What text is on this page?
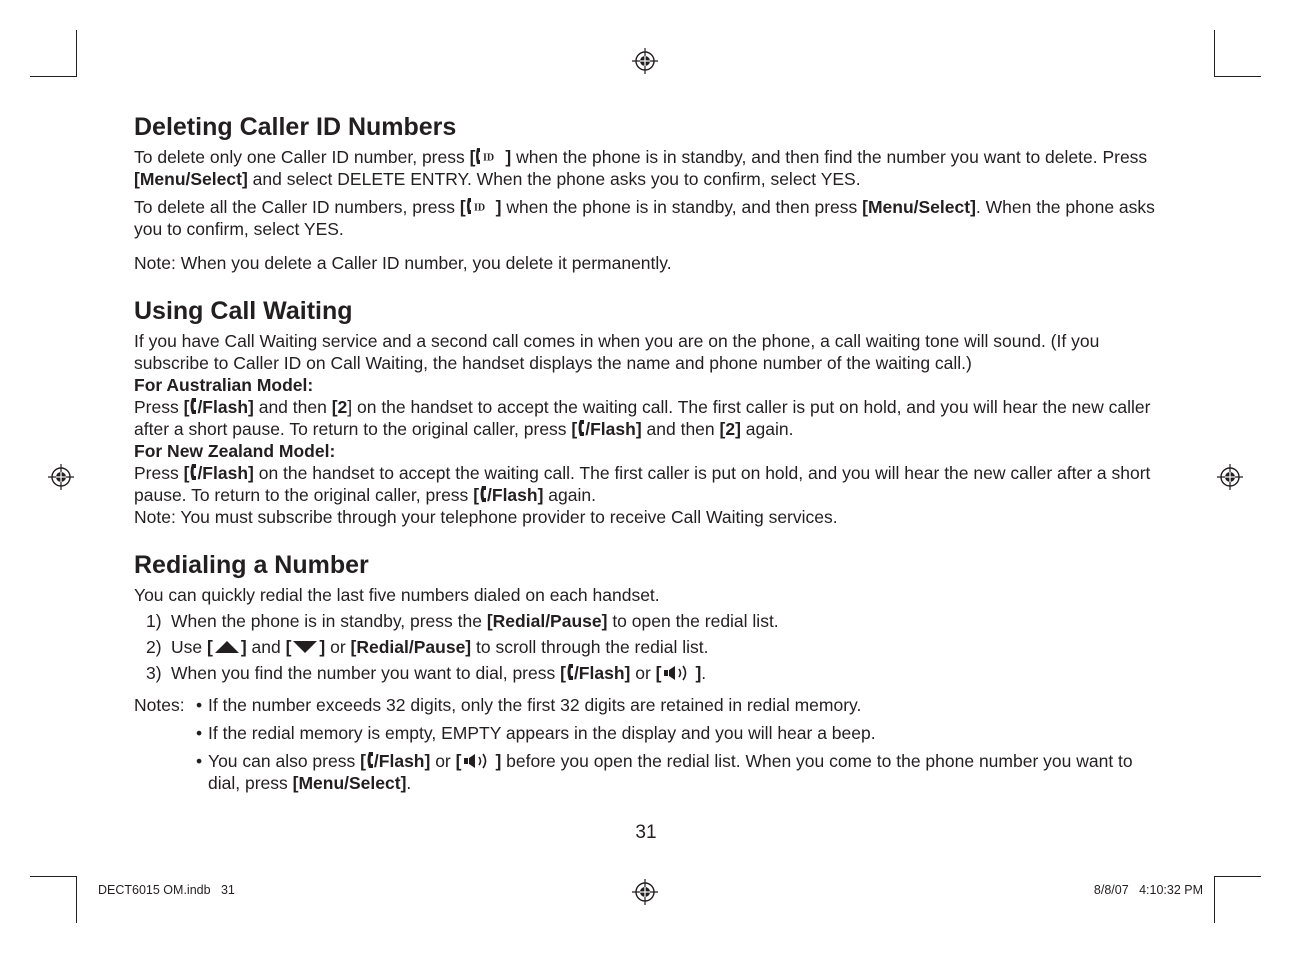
Deleting Caller ID Numbers

To delete only one Caller ID number, press [ ID ] when the phone is in standby, and then find the number you want to delete. Press [Menu/Select] and select DELETE ENTRY. When the phone asks you to confirm, select YES.

To delete all the Caller ID numbers, press [ ID ] when the phone is in standby, and then press [Menu/Select]. When the phone asks you to confirm, select YES.

Note: When you delete a Caller ID number, you delete it permanently.

Using Call Waiting

If you have Call Waiting service and a second call comes in when you are on the phone, a call waiting tone will sound. (If you subscribe to Caller ID on Call Waiting, the handset displays the name and phone number of the waiting call.)

For Australian Model:

Press [ /Flash] and then [2] on the handset to accept the waiting call. The first caller is put on hold, and you will hear the new caller after a short pause. To return to the original caller, press [ /Flash] and then [2] again.

For New Zealand Model:

Press [ /Flash] on the handset to accept the waiting call. The first caller is put on hold, and you will hear the new caller after a short pause. To return to the original caller, press [ /Flash] again.

Note: You must subscribe through your telephone provider to receive Call Waiting services.

Redialing a Number

You can quickly redial the last five numbers dialed on each handset.

1) When the phone is in standby, press the [Redial/Pause] to open the redial list.
2) Use [ ] and [ ] or [Redial/Pause] to scroll through the redial list.
3) When you find the number you want to dial, press [ /Flash] or [ ].
Notes: • If the number exceeds 32 digits, only the first 32 digits are retained in redial memory.
• If the redial memory is empty, EMPTY appears in the display and you will hear a beep.
• You can also press [ /Flash] or [ ] before you open the redial list. When you come to the phone number you want to dial, press [Menu/Select].
31
DECT6015 OM.indb   31	8/8/07   4:10:32 PM
